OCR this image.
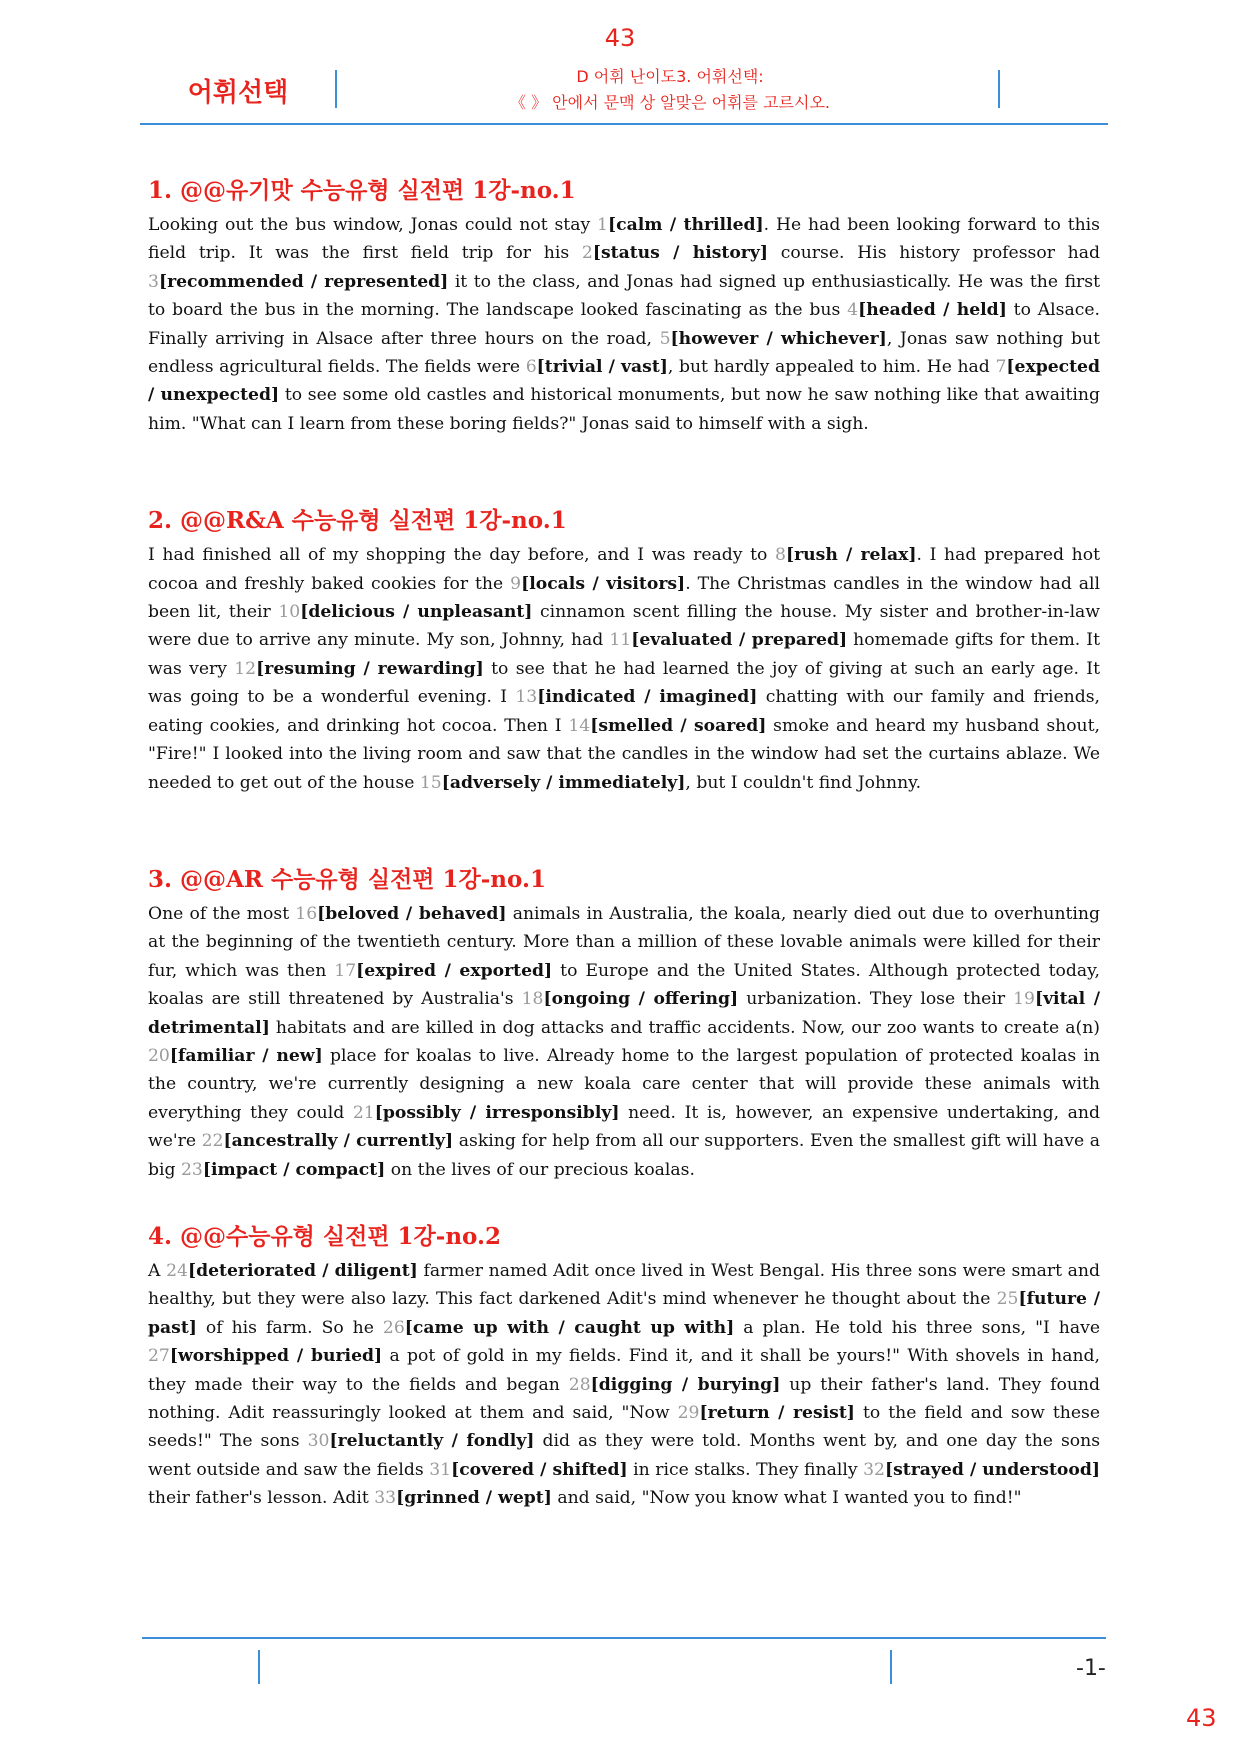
43
어휘선택
D 어휘 난이도3. 어휘선택:
《 》 안에서 문맥 상 알맞은 어휘를 고르시오.
1. @@유기맛 수능유형 실전편 1강-no.1

Looking out the bus window, Jonas could not stay 1[calm / thrilled]. He had been looking forward to this field trip. It was the first field trip for his 2[status / history] course. His history professor had 3[recommended / represented] it to the class, and Jonas had signed up enthusiastically. He was the first to board the bus in the morning. The landscape looked fascinating as the bus 4[headed / held] to Alsace. Finally arriving in Alsace after three hours on the road, 5[however / whichever], Jonas saw nothing but endless agricultural fields. The fields were 6[trivial / vast], but hardly appealed to him. He had 7[expected / unexpected] to see some old castles and historical monuments, but now he saw nothing like that awaiting him. "What can I learn from these boring fields?" Jonas said to himself with a sigh.

2. @@R&A 수능유형 실전편 1강-no.1

I had finished all of my shopping the day before, and I was ready to 8[rush / relax]. I had prepared hot cocoa and freshly baked cookies for the 9[locals / visitors]. The Christmas candles in the window had all been lit, their 10[delicious / unpleasant] cinnamon scent filling the house. My sister and brother-in-law were due to arrive any minute. My son, Johnny, had 11[evaluated / prepared] homemade gifts for them. It was very 12[resuming / rewarding] to see that he had learned the joy of giving at such an early age. It was going to be a wonderful evening. I 13[indicated / imagined] chatting with our family and friends, eating cookies, and drinking hot cocoa. Then I 14[smelled / soared] smoke and heard my husband shout, "Fire!" I looked into the living room and saw that the candles in the window had set the curtains ablaze. We needed to get out of the house 15[adversely / immediately], but I couldn't find Johnny.

3. @@AR 수능유형 실전편 1강-no.1

One of the most 16[beloved / behaved] animals in Australia, the koala, nearly died out due to overhunting at the beginning of the twentieth century. More than a million of these lovable animals were killed for their fur, which was then 17[expired / exported] to Europe and the United States. Although protected today, koalas are still threatened by Australia's 18[ongoing / offering] urbanization. They lose their 19[vital / detrimental] habitats and are killed in dog attacks and traffic accidents. Now, our zoo wants to create a(n) 20[familiar / new] place for koalas to live. Already home to the largest population of protected koalas in the country, we're currently designing a new koala care center that will provide these animals with everything they could 21[possibly / irresponsibly] need. It is, however, an expensive undertaking, and we're 22[ancestrally / currently] asking for help from all our supporters. Even the smallest gift will have a big 23[impact / compact] on the lives of our precious koalas.

4. @@수능유형 실전편 1강-no.2

A 24[deteriorated / diligent] farmer named Adit once lived in West Bengal. His three sons were smart and healthy, but they were also lazy. This fact darkened Adit's mind whenever he thought about the 25[future / past] of his farm. So he 26[came up with / caught up with] a plan. He told his three sons, "I have 27[worshipped / buried] a pot of gold in my fields. Find it, and it shall be yours!" With shovels in hand, they made their way to the fields and began 28[digging / burying] up their father's land. They found nothing. Adit reassuringly looked at them and said, "Now 29[return / resist] to the field and sow these seeds!" The sons 30[reluctantly / fondly] did as they were told. Months went by, and one day the sons went outside and saw the fields 31[covered / shifted] in rice stalks. They finally 32[strayed / understood] their father's lesson. Adit 33[grinned / wept] and said, "Now you know what I wanted you to find!"

-1-
43
